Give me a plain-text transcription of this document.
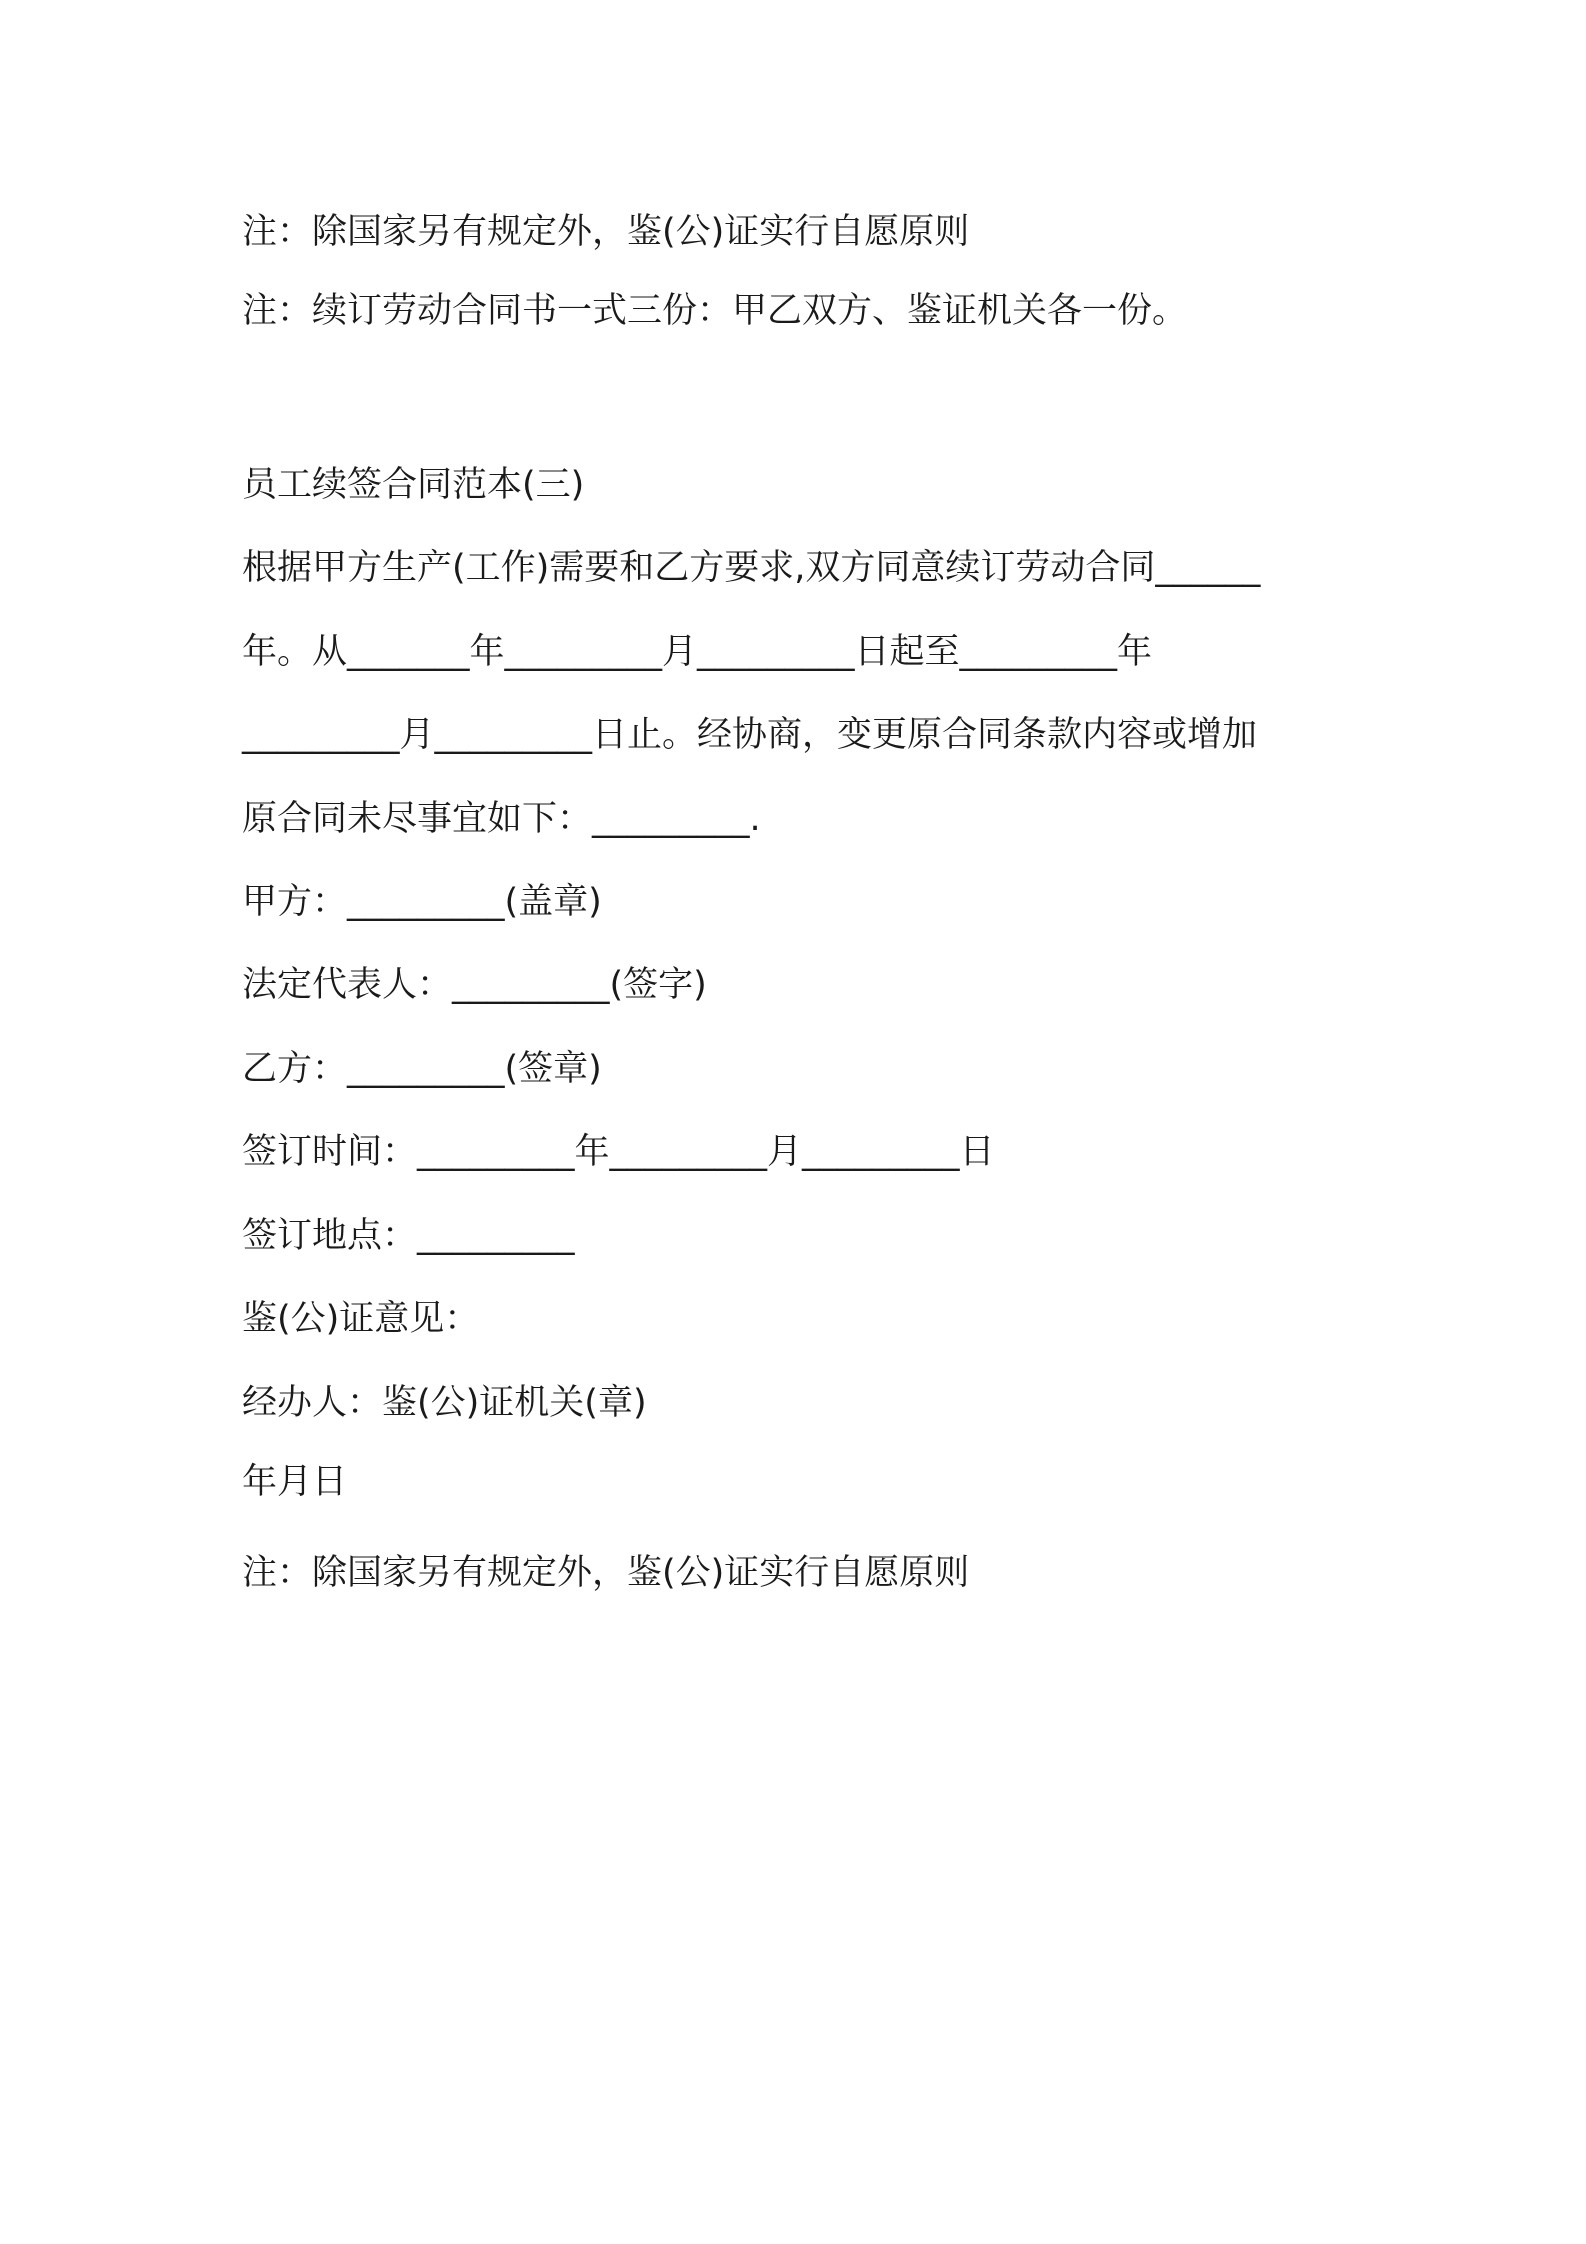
注：除国家另有规定外，鉴(公)证实行自愿原则
注：续订劳动合同书一式三份：甲乙双方、鉴证机关各一份。
员工续签合同范本(三)
根据甲方生产(工作)需要和乙方要求,双方同意续订劳动合同______
年。从_______年_________月_________日起至_________年
_________月_________日止。经协商，变更原合同条款内容或增加
原合同未尽事宜如下：_________.
甲方：_________(盖章)
法定代表人：_________(签字)
乙方：_________(签章)
签订时间：_________年_________月_________日
签订地点：_________
鉴(公)证意见：
经办人：鉴(公)证机关(章)
年月日
注：除国家另有规定外，鉴(公)证实行自愿原则
